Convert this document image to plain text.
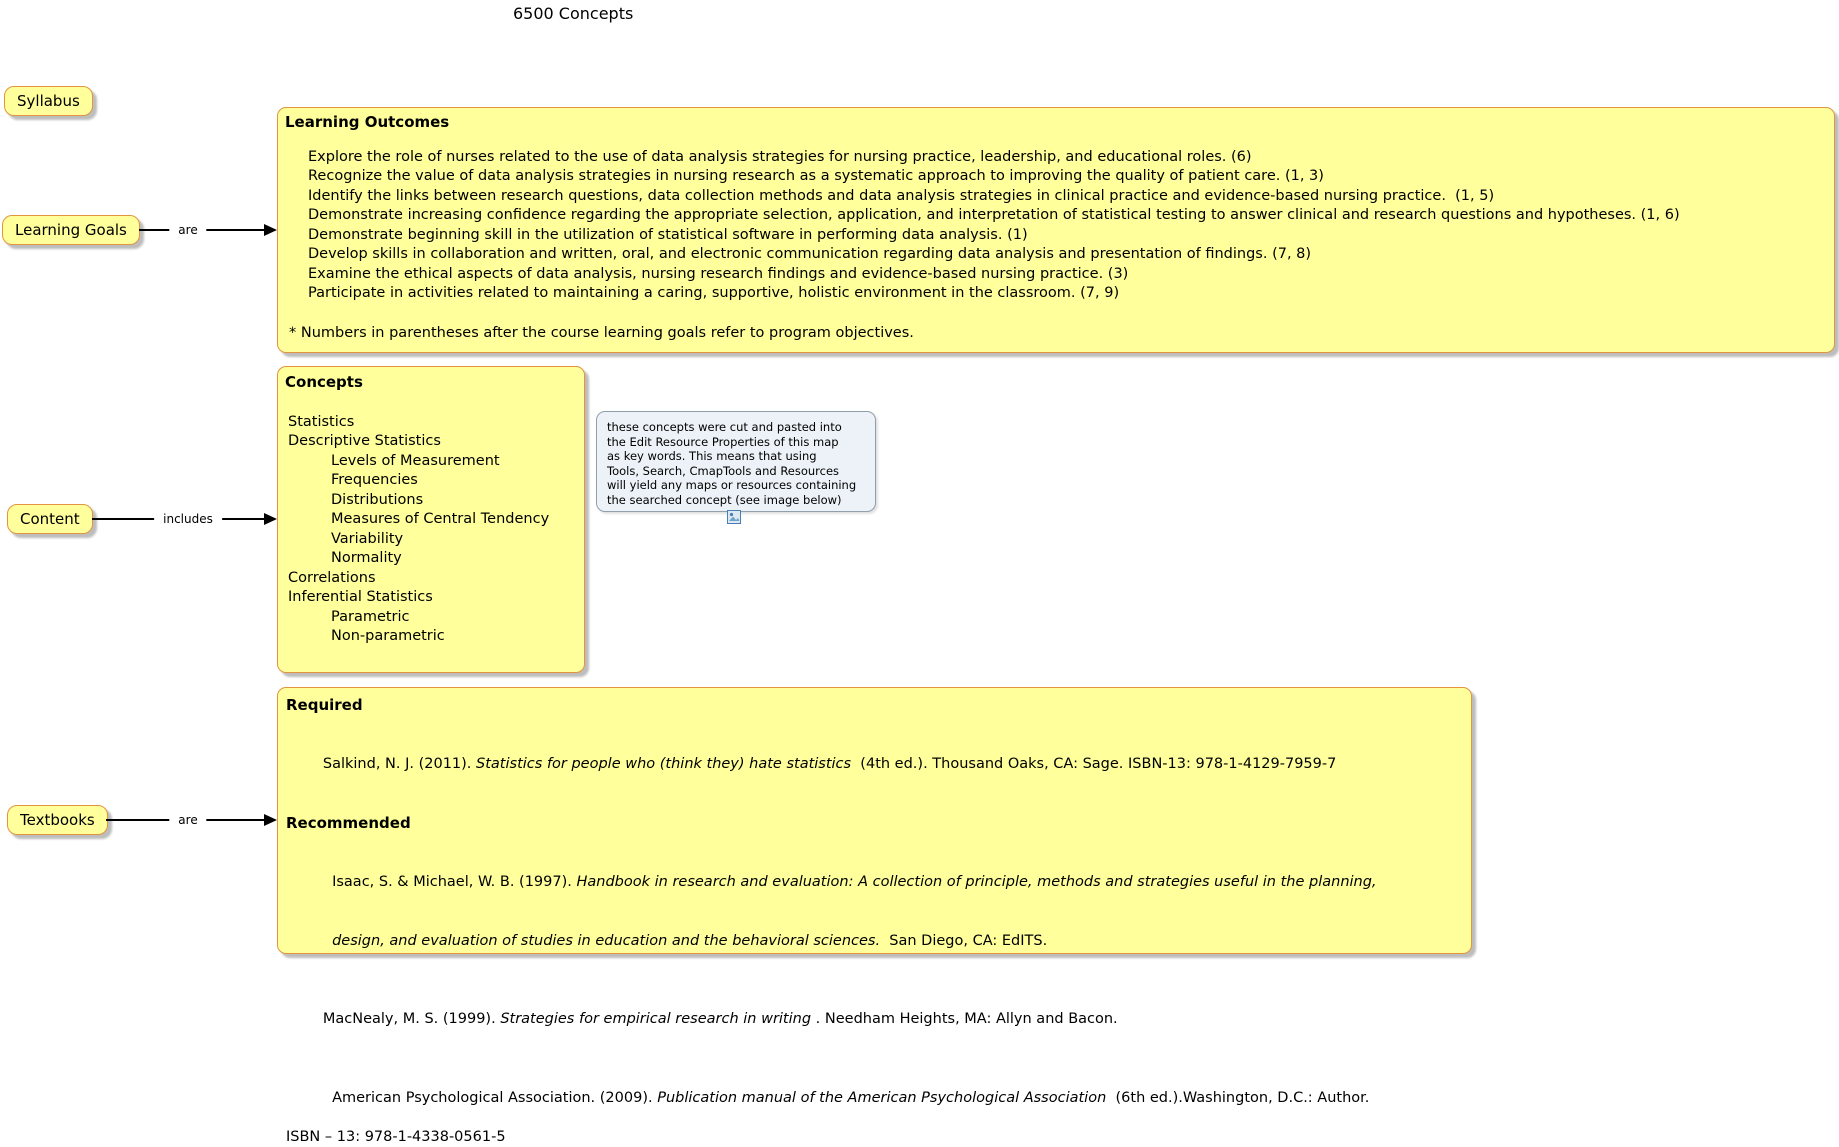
6500 Concepts
Syllabus
Learning Goals
Content
Textbooks
are
includes
are
Learning Outcomes
Explore the role of nurses related to the use of data analysis strategies for nursing practice, leadership, and educational roles. (6)
Recognize the value of data analysis strategies in nursing research as a systematic approach to improving the quality of patient care. (1, 3)
Identify the links between research questions, data collection methods and data analysis strategies in clinical practice and evidence-based nursing practice.  (1, 5)
Demonstrate increasing confidence regarding the appropriate selection, application, and interpretation of statistical testing to answer clinical and research questions and hypotheses. (1, 6)
Demonstrate beginning skill in the utilization of statistical software in performing data analysis. (1)
Develop skills in collaboration and written, oral, and electronic communication regarding data analysis and presentation of findings. (7, 8)
Examine the ethical aspects of data analysis, nursing research findings and evidence-based nursing practice. (3)
Participate in activities related to maintaining a caring, supportive, holistic environment in the classroom. (7, 9)
* Numbers in parentheses after the course learning goals refer to program objectives.
Concepts
Statistics
Descriptive Statistics
Levels of Measurement
Frequencies
Distributions
Measures of Central Tendency
Variability
Normality
Correlations
Inferential Statistics
Parametric
Non-parametric
these concepts were cut and pasted into
the Edit Resource Properties of this map
as key words. This means that using
Tools, Search, CmapTools and Resources
will yield any maps or resources containing
the searched concept (see image below)
Required

Salkind, N. J. (2011). Statistics for people who (think they) hate statistics  (4th ed.). Thousand Oaks, CA: Sage. ISBN-13: 978-1-4129-7959-7

Recommended

Isaac, S. & Michael, W. B. (1997). Handbook in research and evaluation: A collection of principle, methods and strategies useful in the planning,

design, and evaluation of studies in education and the behavioral sciences.  San Diego, CA: EdITS.

MacNealy, M. S. (1999). Strategies for empirical research in writing . Needham Heights, MA: Allyn and Bacon.

American Psychological Association. (2009). Publication manual of the American Psychological Association  (6th ed.).Washington, D.C.: Author.

ISBN – 13: 978-1-4338-0561-5
